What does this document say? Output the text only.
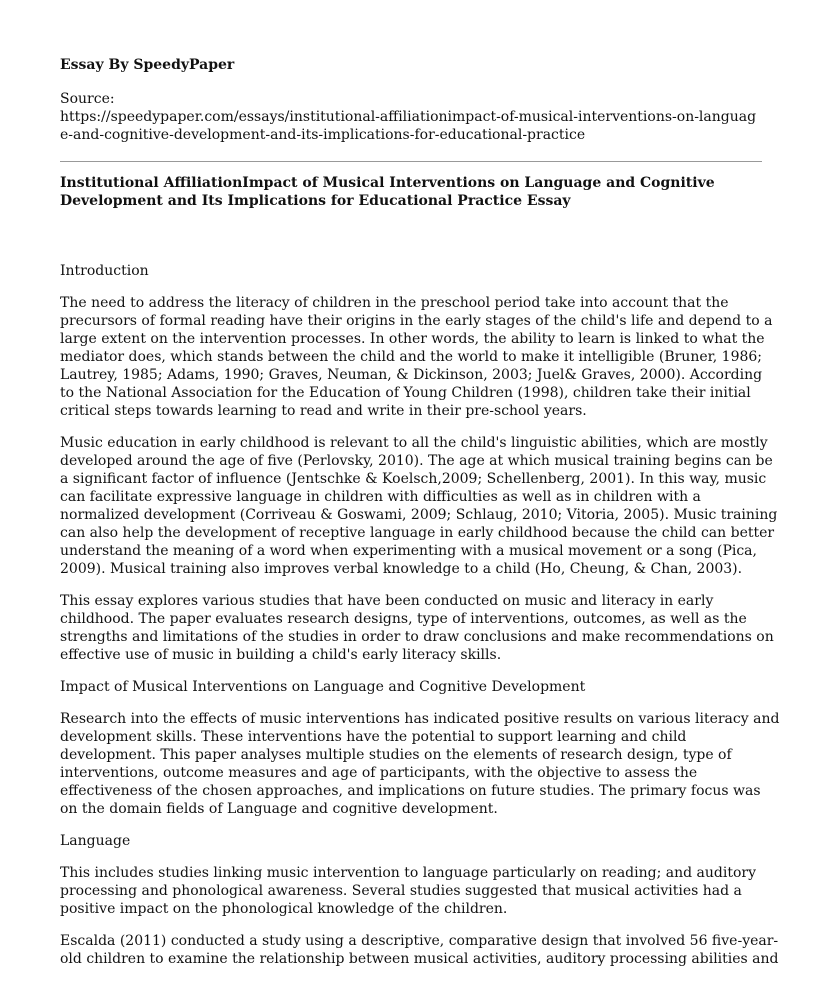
Essay By SpeedyPaper
Source:
https://speedypaper.com/essays/institutional-affiliationimpact-of-musical-interventions-on-language-and-cognitive-development-and-its-implications-for-educational-practice
Institutional AffiliationImpact of Musical Interventions on Language and Cognitive Development and Its Implications for Educational Practice Essay
Introduction
The need to address the literacy of children in the preschool period take into account that the
precursors of formal reading have their origins in the early stages of the child's life and depend to a
large extent on the intervention processes. In other words, the ability to learn is linked to what the
mediator does, which stands between the child and the world to make it intelligible (Bruner, 1986;
Lautrey, 1985; Adams, 1990; Graves, Neuman, & Dickinson, 2003; Juel& Graves, 2000). According
to the National Association for the Education of Young Children (1998), children take their initial
critical steps towards learning to read and write in their pre-school years.
Music education in early childhood is relevant to all the child's linguistic abilities, which are mostly
developed around the age of five (Perlovsky, 2010). The age at which musical training begins can be
a significant factor of influence (Jentschke & Koelsch,2009; Schellenberg, 2001). In this way, music
can facilitate expressive language in children with difficulties as well as in children with a
normalized development (Corriveau & Goswami, 2009; Schlaug, 2010; Vitoria, 2005). Music training
can also help the development of receptive language in early childhood because the child can better
understand the meaning of a word when experimenting with a musical movement or a song (Pica,
2009). Musical training also improves verbal knowledge to a child (Ho, Cheung, & Chan, 2003).
This essay explores various studies that have been conducted on music and literacy in early
childhood. The paper evaluates research designs, type of interventions, outcomes, as well as the
strengths and limitations of the studies in order to draw conclusions and make recommendations on
effective use of music in building a child's early literacy skills.
Impact of Musical Interventions on Language and Cognitive Development
Research into the effects of music interventions has indicated positive results on various literacy and
development skills. These interventions have the potential to support learning and child
development. This paper analyses multiple studies on the elements of research design, type of
interventions, outcome measures and age of participants, with the objective to assess the
effectiveness of the chosen approaches, and implications on future studies. The primary focus was
on the domain fields of Language and cognitive development.
Language
This includes studies linking music intervention to language particularly on reading; and auditory
processing and phonological awareness. Several studies suggested that musical activities had a
positive impact on the phonological knowledge of the children.
Escalda (2011) conducted a study using a descriptive, comparative design that involved 56 five-year-
old children to examine the relationship between musical activities, auditory processing abilities and
